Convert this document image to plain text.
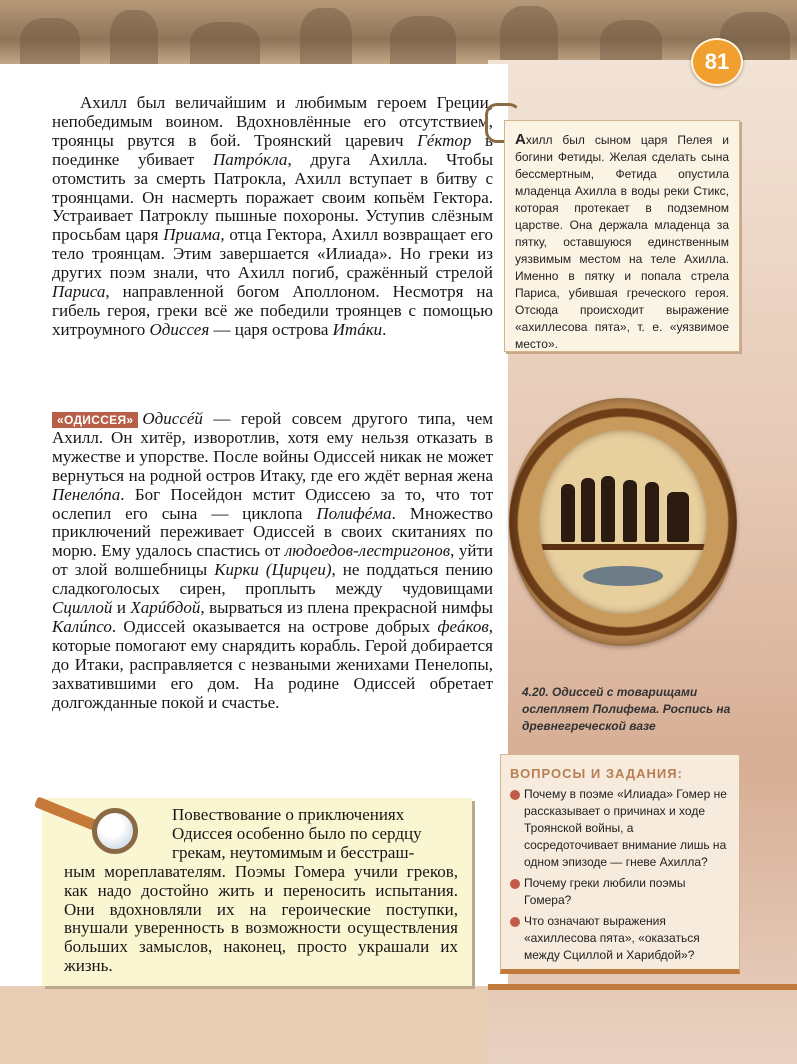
81

Ахилл был величайшим и любимым героем Греции, непобедимым воином. Вдохновлённые его отсутствием, троянцы рвутся в бой. Троянский царевич Гéктор в поединке убивает Патрóкла, друга Ахилла. Чтобы отомстить за смерть Патрокла, Ахилл вступает в битву с троянцами. Он насмерть поражает своим копьём Гектора. Устраивает Патроклу пышные похороны. Уступив слёзным просьбам царя Приама, отца Гектора, Ахилл возвращает его тело троянцам. Этим завершается «Илиада». Но греки из других поэм знали, что Ахилл погиб, сражённый стрелой Париса, направленной богом Аполлоном. Несмотря на гибель героя, греки всё же победили троянцев с помощью хитроумного Одиссея — царя острова Итáки.

«ОДИССЕЯ» Одиссéй — герой совсем другого типа, чем Ахилл. Он хитёр, изворотлив, хотя ему нельзя отказать в мужестве и упорстве. После войны Одиссей никак не может вернуться на родной остров Итаку, где его ждёт верная жена Пенелóпа. Бог Посейдон мстит Одиссею за то, что тот ослепил его сына — циклопа Полифéма. Множество приключений переживает Одиссей в своих скитаниях по морю. Ему удалось спастись от людоедов-лестригонов, уйти от злой волшебницы Кирки (Цирцеи), не поддаться пению сладкоголосых сирен, проплыть между чудовищами Сциллой и Харúбдой, вырваться из плена прекрасной нимфы Калúпсо. Одиссей оказывается на острове добрых феáков, которые помогают ему снарядить корабль. Герой добирается до Итаки, расправляется с незваными женихами Пенелопы, захватившими его дом. На родине Одиссей обретает долгожданные покой и счастье.

Ахилл был сыном царя Пелея и богини Фетиды. Желая сделать сына бессмертным, Фетида опустила младенца Ахилла в воды реки Стикс, которая протекает в подземном царстве. Она держала младенца за пятку, оставшуюся единственным уязвимым местом на теле Ахилла. Именно в пятку и попала стрела Париса, убившая греческого героя. Отсюда происходит выражение «ахиллесова пята», т. е. «уязвимое место».
4.20. Одиссей с товарищами ослепляет Полифема. Роспись на древнегреческой вазе
ВОПРОСЫ И ЗАДАНИЯ:
Почему в поэме «Илиада» Гомер не рассказывает о причинах и ходе Троянской войны, а сосредоточивает внимание лишь на одном эпизоде — гневе Ахилла?
Почему греки любили поэмы Гомера?
Что означают выражения «ахиллесова пята», «оказаться между Сциллой и Харибдой»?
Повествование о приключениях
Одиссея особенно было по сердцу
грекам, неутомимым и бесстраш-
ным мореплавателям. Поэмы Гомера учили греков, как надо достойно жить и переносить испытания. Они вдохновляли их на героические поступки, внушали уверенность в возможности осуществления больших замыслов, наконец, просто украшали их жизнь.
